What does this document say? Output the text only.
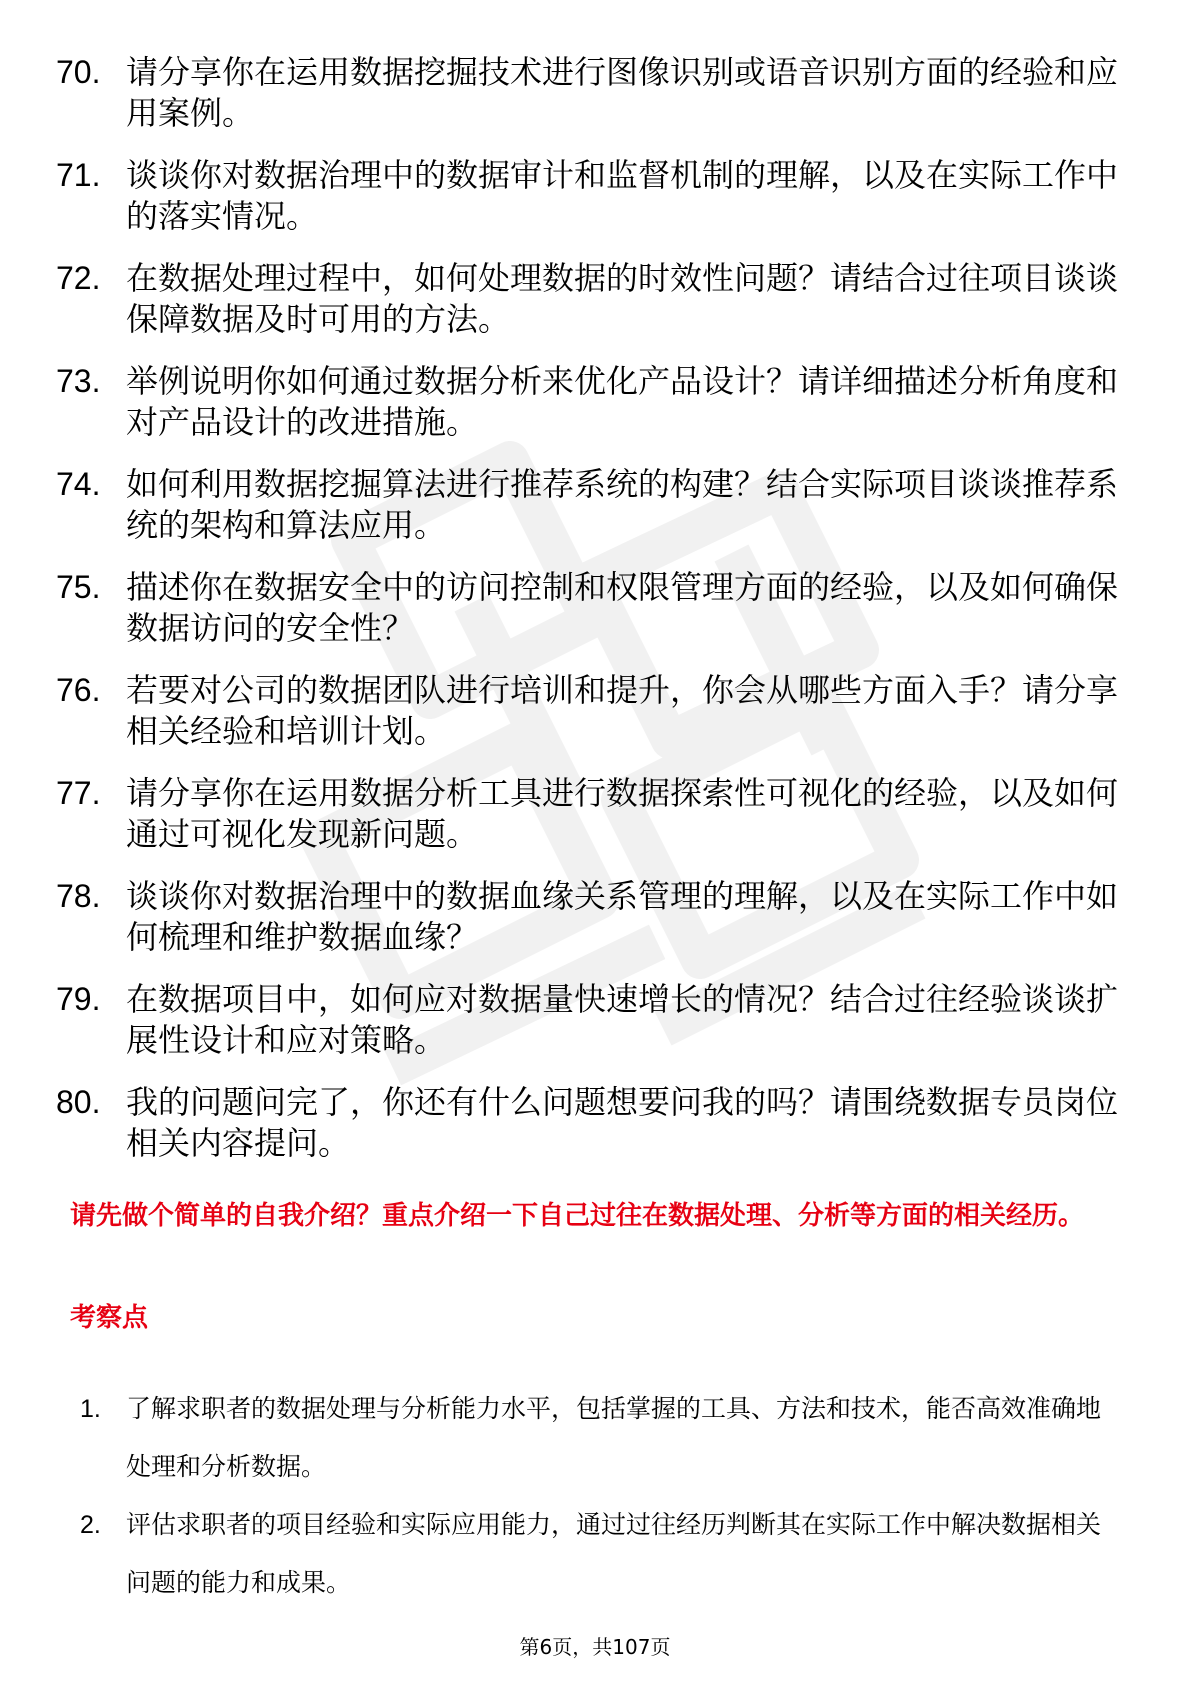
70. 请分享你在运用数据挖掘技术进行图像识别或语音识别方面的经验和应用案例。
71. 谈谈你对数据治理中的数据审计和监督机制的理解，以及在实际工作中的落实情况。
72. 在数据处理过程中，如何处理数据的时效性问题？请结合过往项目谈谈保障数据及时可用的方法。
73. 举例说明你如何通过数据分析来优化产品设计？请详细描述分析角度和对产品设计的改进措施。
74. 如何利用数据挖掘算法进行推荐系统的构建？结合实际项目谈谈推荐系统的架构和算法应用。
75. 描述你在数据安全中的访问控制和权限管理方面的经验，以及如何确保数据访问的安全性？
76. 若要对公司的数据团队进行培训和提升，你会从哪些方面入手？请分享相关经验和培训计划。
77. 请分享你在运用数据分析工具进行数据探索性可视化的经验，以及如何通过可视化发现新问题。
78. 谈谈你对数据治理中的数据血缘关系管理的理解，以及在实际工作中如何梳理和维护数据血缘？
79. 在数据项目中，如何应对数据量快速增长的情况？结合过往经验谈谈扩展性设计和应对策略。
80. 我的问题问完了，你还有什么问题想要问我的吗？请围绕数据专员岗位相关内容提问。
请先做个简单的自我介绍？重点介绍一下自己过往在数据处理、分析等方面的相关经历。
考察点
1.	了解求职者的数据处理与分析能力水平，包括掌握的工具、方法和技术，能否高效准确地处理和分析数据。
2.	评估求职者的项目经验和实际应用能力，通过过往经历判断其在实际工作中解决数据相关问题的能力和成果。
第6页，共107页
